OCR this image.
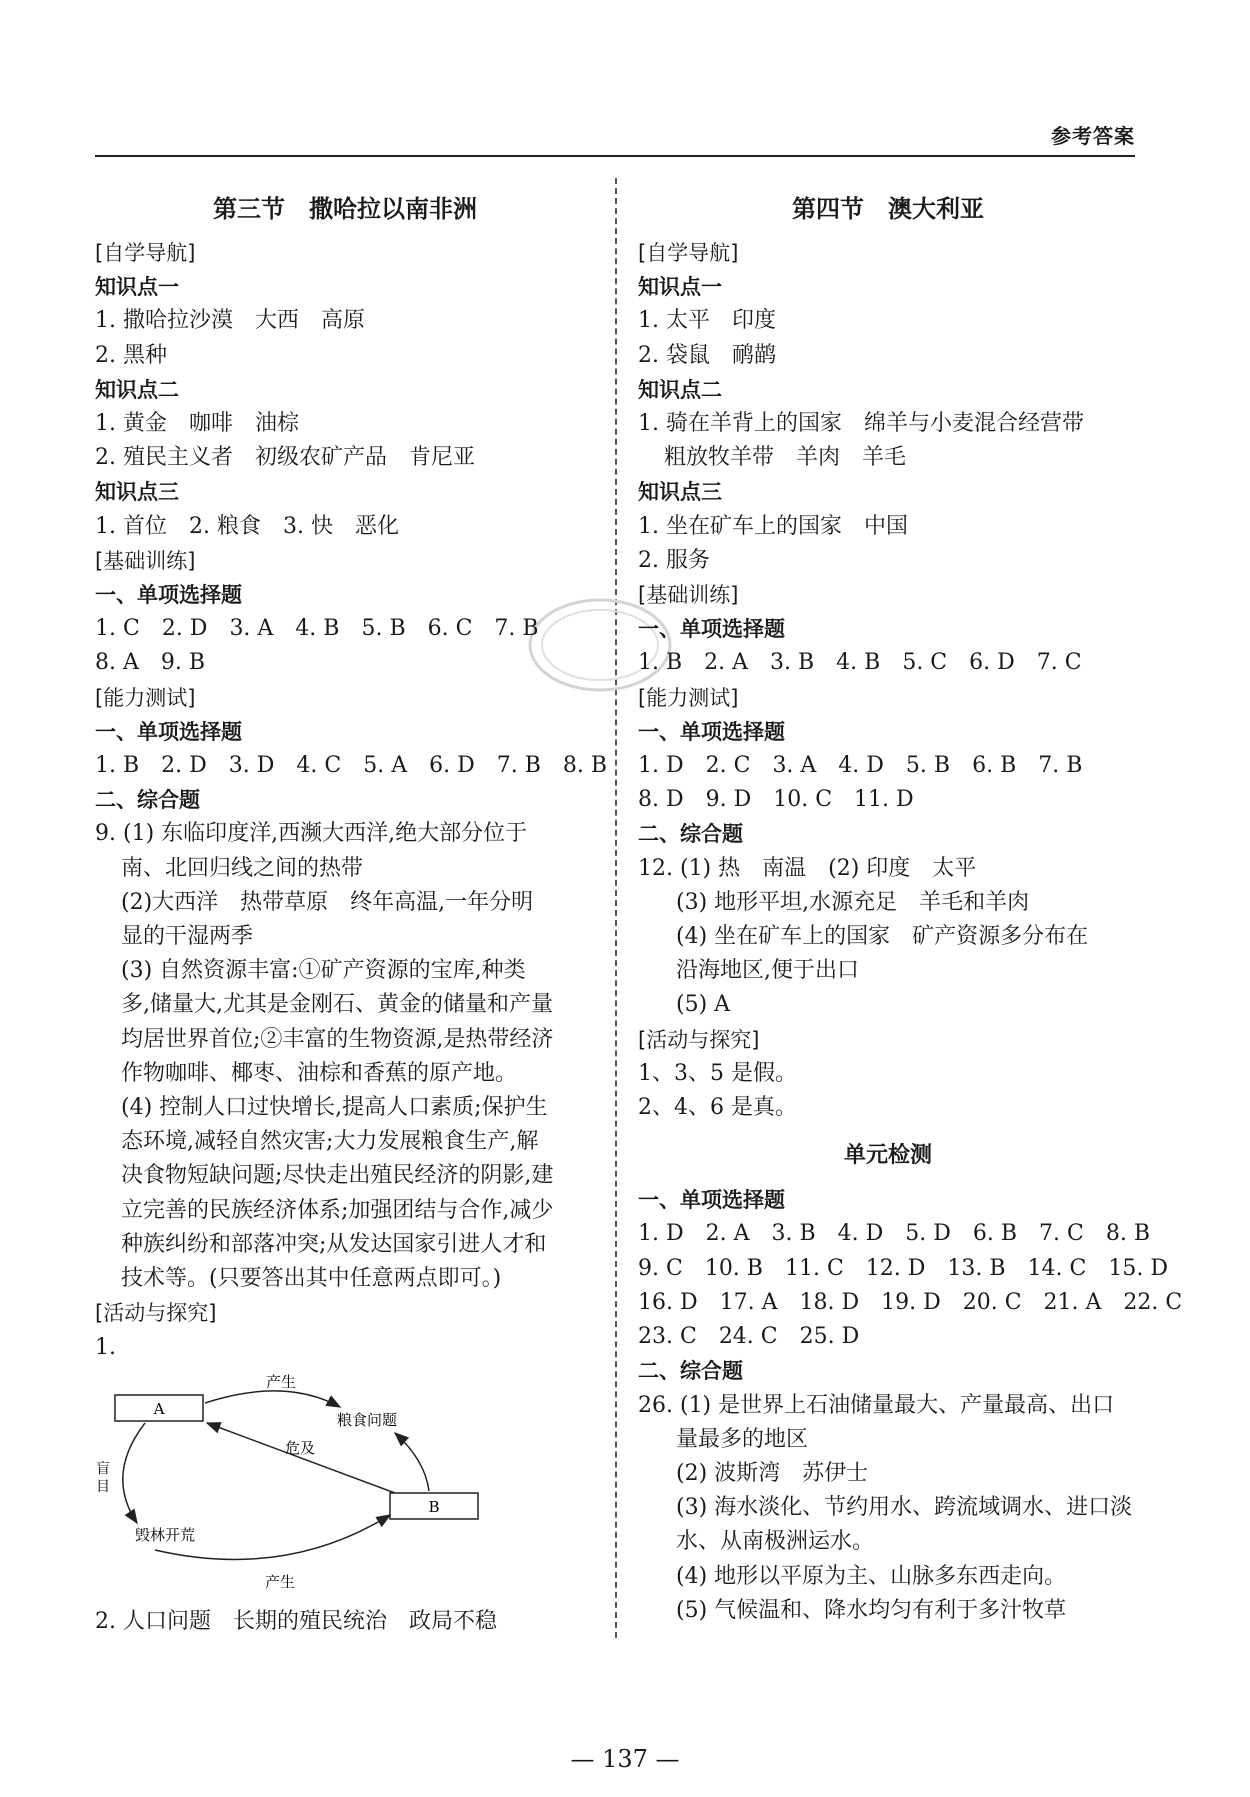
参考答案
第三节　撒哈拉以南非洲
[自学导航]
知识点一
1. 撒哈拉沙漠　大西　高原
2. 黑种
知识点二
1. 黄金　咖啡　油棕
2. 殖民主义者　初级农矿产品　肯尼亚
知识点三
1. 首位　2. 粮食　3. 快　恶化
[基础训练]
一、单项选择题
1. C　2. D　3. A　4. B　5. B　6. C　7. B
8. A　9. B
[能力测试]
一、单项选择题
1. B　2. D　3. D　4. C　5. A　6. D　7. B　8. B
二、综合题
9. (1) 东临印度洋,西濒大西洋,绝大部分位于
南、北回归线之间的热带
(2)大西洋　热带草原　终年高温,一年分明
显的干湿两季
(3) 自然资源丰富:①矿产资源的宝库,种类
多,储量大,尤其是金刚石、黄金的储量和产量
均居世界首位;②丰富的生物资源,是热带经济
作物咖啡、椰枣、油棕和香蕉的原产地。
(4) 控制人口过快增长,提高人口素质;保护生
态环境,减轻自然灾害;大力发展粮食生产,解
决食物短缺问题;尽快走出殖民经济的阴影,建
立完善的民族经济体系;加强团结与合作,减少
种族纠纷和部落冲突;从发达国家引进人才和
技术等。(只要答出其中任意两点即可。)
[活动与探究]
1.
A
B
粮食问题
毁林开荒
产生
危及
盲
目
产生
2. 人口问题　长期的殖民统治　政局不稳
第四节　澳大利亚
[自学导航]
知识点一
1. 太平　印度
2. 袋鼠　鸸鹋
知识点二
1. 骑在羊背上的国家　绵羊与小麦混合经营带
粗放牧羊带　羊肉　羊毛
知识点三
1. 坐在矿车上的国家　中国
2. 服务
[基础训练]
一、单项选择题
1. B　2. A　3. B　4. B　5. C　6. D　7. C
[能力测试]
一、单项选择题
1. D　2. C　3. A　4. D　5. B　6. B　7. B
8. D　9. D　10. C　11. D
二、综合题
12. (1) 热　南温　(2) 印度　太平
(3) 地形平坦,水源充足　羊毛和羊肉
(4) 坐在矿车上的国家　矿产资源多分布在
沿海地区,便于出口
(5) A
[活动与探究]
1、3、5 是假。
2、4、6 是真。
单元检测
一、单项选择题
1. D　2. A　3. B　4. D　5. D　6. B　7. C　8. B
9. C　10. B　11. C　12. D　13. B　14. C　15. D
16. D　17. A　18. D　19. D　20. C　21. A　22. C
23. C　24. C　25. D
二、综合题
26. (1) 是世界上石油储量最大、产量最高、出口
量最多的地区
(2) 波斯湾　苏伊士
(3) 海水淡化、节约用水、跨流域调水、进口淡
水、从南极洲运水。
(4) 地形以平原为主、山脉多东西走向。
(5) 气候温和、降水均匀有利于多汁牧草
— 137 —
